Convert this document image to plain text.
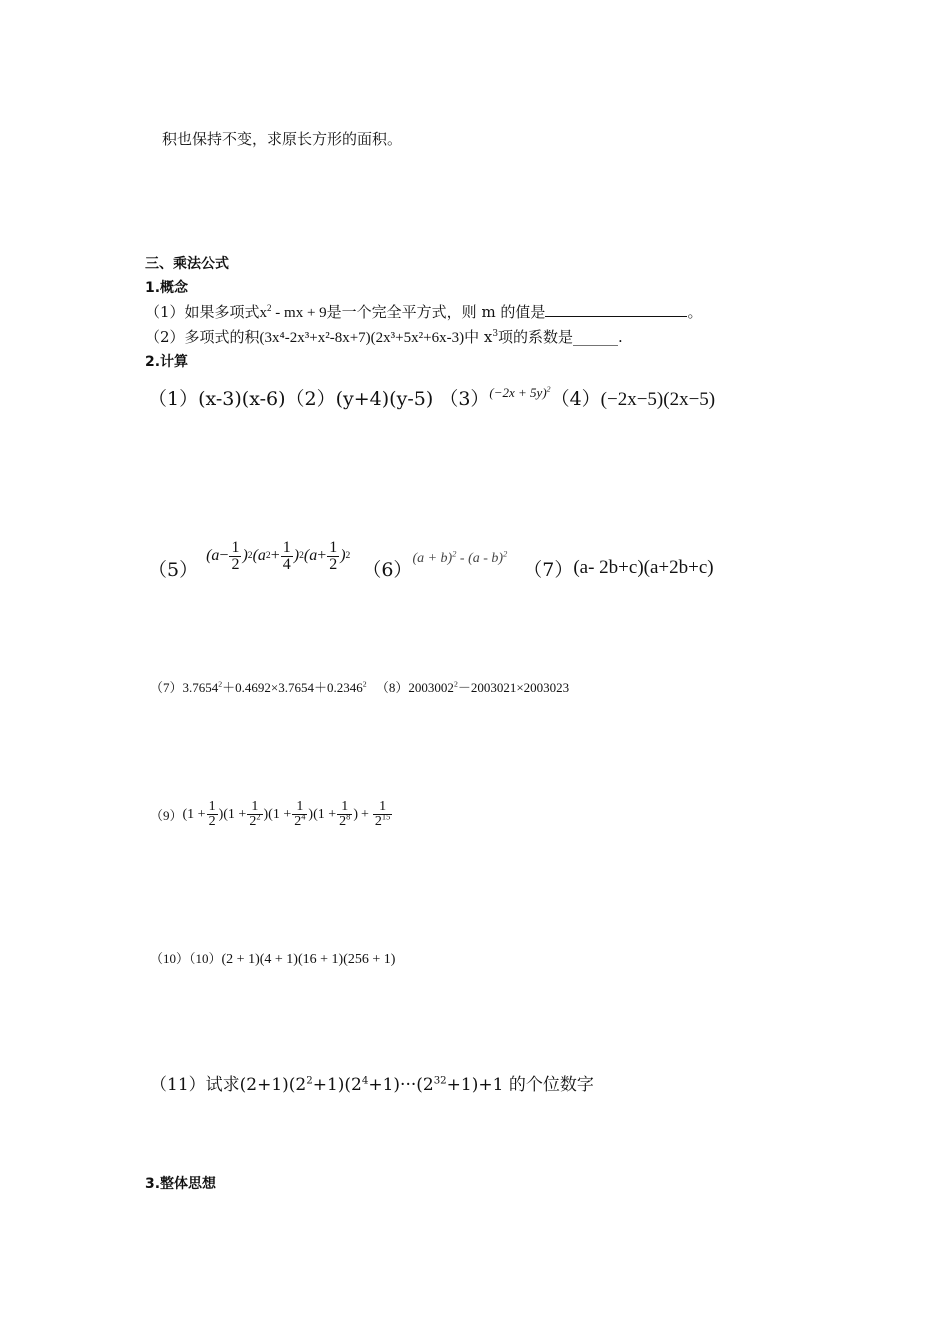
积也保持不变，求原长方形的面积。
三、乘法公式
1.概念
（1）如果多项式$x^2$ - mx + 9是一个完全平方式，则 m 的值是	。
（2）多项式的积(3x⁴-2x³+x²-8x+7)(2x³+5x²+6x-3)中 $x^3$项的系数是______.
2.计算
（1）(x-3)(x-6)（2）(y+4)(y-5) $(3)^{(-2x + 5y)^2}(4)(-2x-5)(2x-5)$
（5）
( $a - \frac{1}{2}$ ) 2 ( a $2 + \frac{1}{4}$ ) 2 ( $a + \frac{1}{2}$ ) 2
（6） $(a + b)^2 - (a - b)^2$
（7） (a- 2b+c)(a+2b+c)
$(7)3.7654^2+0.4692\times 3.7654+0.2346^2$ $(8)2003002^2-2003021\times 2003023$
（9） ($1 + \frac{1}{2}$ ) ($1 + \frac{1}{2^2}$ ) ($1 + \frac{1}{2^4}$ ) ($1 + \frac{1}{2^8}$ ) + $\frac{1}{2^{15}}$
（10）（10）(2 + 1)(4 + 1)(16 + 1)(256 + 1)
（11）试求$(2+1)(2^2+1)(2^4+1)\cdot\cdot\cdot(2^{32}+1)+1$ 的个位数字
3.整体思想
